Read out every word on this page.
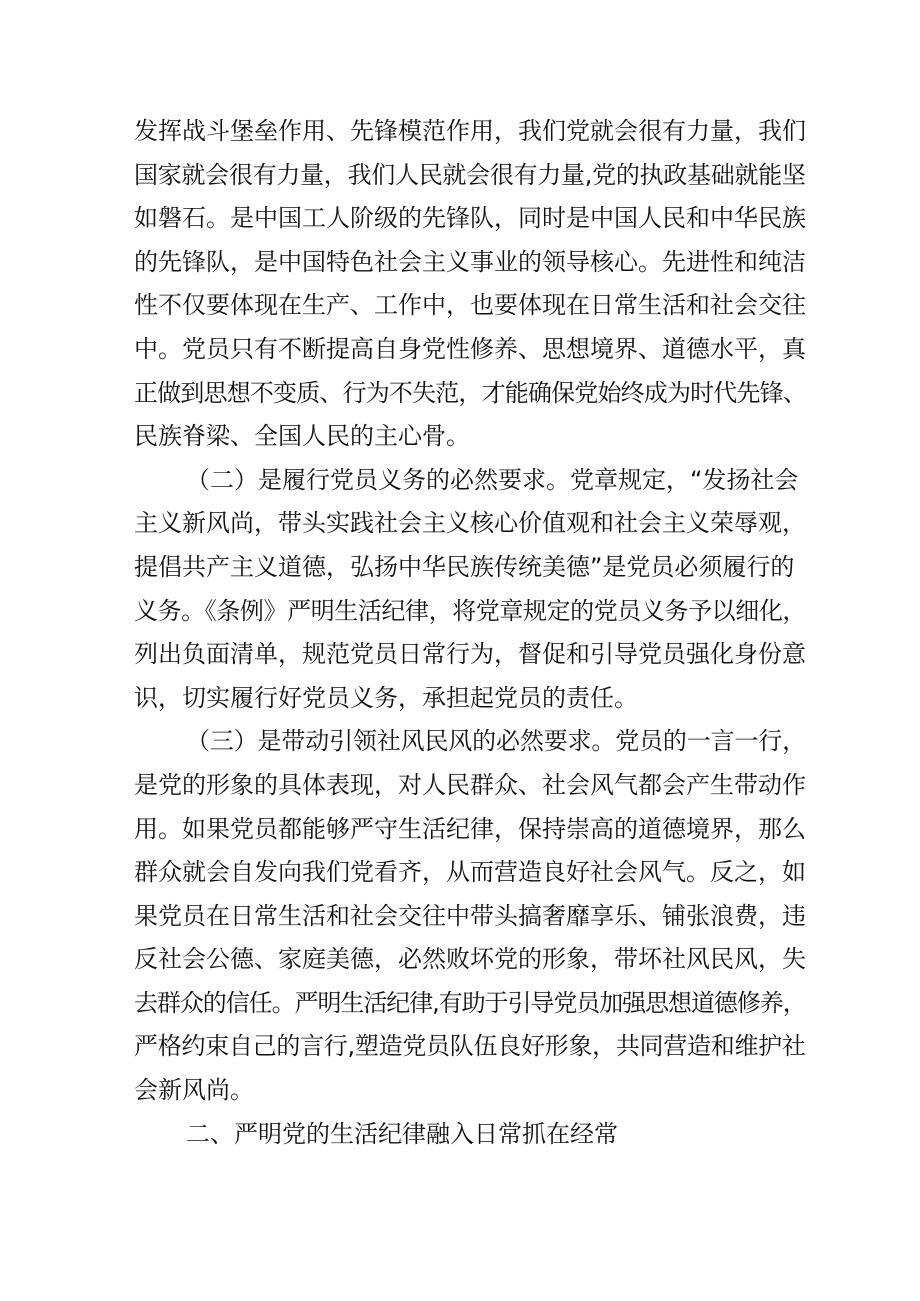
发挥战斗堡垒作用、先锋模范作用，我们党就会很有力量，我们
国家就会很有力量，我们人民就会很有力量,党的执政基础就能坚
如磐石。是中国工人阶级的先锋队，同时是中国人民和中华民族
的先锋队，是中国特色社会主义事业的领导核心。先进性和纯洁
性不仅要体现在生产、工作中，也要体现在日常生活和社会交往
中。党员只有不断提高自身党性修养、思想境界、道德水平，真
正做到思想不变质、行为不失范，才能确保党始终成为时代先锋、
民族脊梁、全国人民的主心骨。
（二）是履行党员义务的必然要求。党章规定，“发扬社会
主义新风尚，带头实践社会主义核心价值观和社会主义荣辱观，
提倡共产主义道德，弘扬中华民族传统美德”是党员必须履行的
义务。《条例》严明生活纪律，将党章规定的党员义务予以细化，
列出负面清单，规范党员日常行为，督促和引导党员强化身份意
识，切实履行好党员义务，承担起党员的责任。
（三）是带动引领社风民风的必然要求。党员的一言一行，
是党的形象的具体表现，对人民群众、社会风气都会产生带动作
用。如果党员都能够严守生活纪律，保持崇高的道德境界，那么
群众就会自发向我们党看齐，从而营造良好社会风气。反之，如
果党员在日常生活和社会交往中带头搞奢靡享乐、铺张浪费，违
反社会公德、家庭美德，必然败坏党的形象，带坏社风民风，失
去群众的信任。严明生活纪律,有助于引导党员加强思想道德修养，
严格约束自己的言行,塑造党员队伍良好形象，共同营造和维护社
会新风尚。
二、严明党的生活纪律融入日常抓在经常
